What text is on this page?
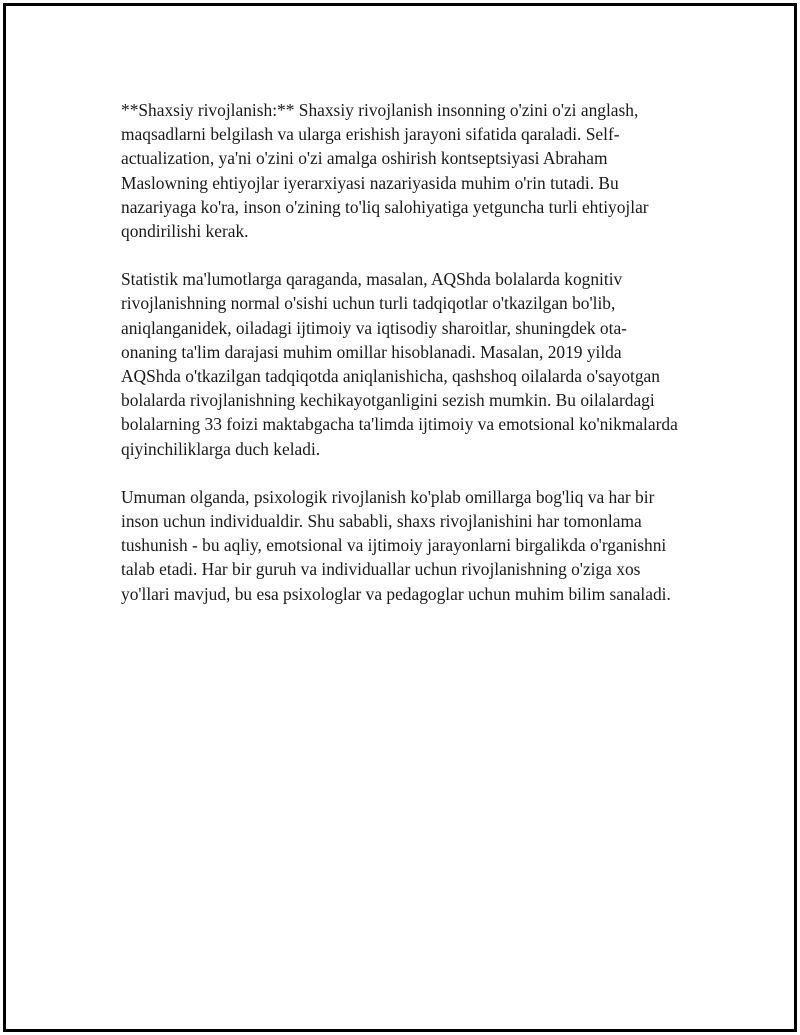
**Shaxsiy rivojlanish:** Shaxsiy rivojlanish insonning o'zini o'zi anglash, maqsadlarni belgilash va ularga erishish jarayoni sifatida qaraladi. Self-actualization, ya'ni o'zini o'zi amalga oshirish kontseptsiyasi Abraham Maslowning ehtiyojlar iyerarxiyasi nazariyasida muhim o'rin tutadi. Bu nazariyaga ko'ra, inson o'zining to'liq salohiyatiga yetguncha turli ehtiyojlar qondirilishi kerak.

Statistik ma'lumotlarga qaraganda, masalan, AQShda bolalarda kognitiv rivojlanishning normal o'sishi uchun turli tadqiqotlar o'tkazilgan bo'lib, aniqlanganidek, oiladagi ijtimoiy va iqtisodiy sharoitlar, shuningdek ota-onaning ta'lim darajasi muhim omillar hisoblanadi. Masalan, 2019 yilda AQShda o'tkazilgan tadqiqotda aniqlanishicha, qashshoq oilalarda o'sayotgan bolalarda rivojlanishning kechikayotganligini sezish mumkin. Bu oilalardagi bolalarning 33 foizi maktabgacha ta'limda ijtimoiy va emotsional ko'nikmalarda qiyinchiliklarga duch keladi.

Umuman olganda, psixologik rivojlanish ko'plab omillarga bog'liq va har bir inson uchun individualdir. Shu sababli, shaxs rivojlanishini har tomonlama tushunish - bu aqliy, emotsional va ijtimoiy jarayonlarni birgalikda o'rganishni talab etadi. Har bir guruh va individuallar uchun rivojlanishning o'ziga xos yo'llari mavjud, bu esa psixologlar va pedagoglar uchun muhim bilim sanaladi.
